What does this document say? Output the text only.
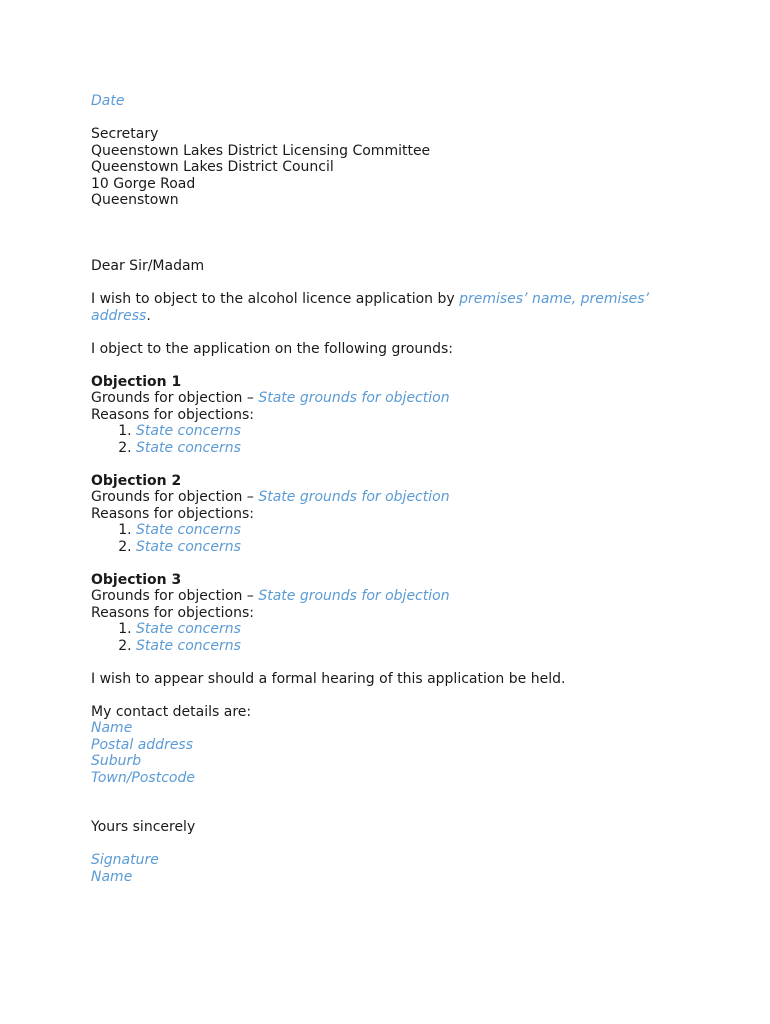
Date

Secretary

Queenstown Lakes District Licensing Committee

Queenstown Lakes District Council

10 Gorge Road

Queenstown

Dear Sir/Madam

I wish to object to the alcohol licence application by premises’ name, premises’ address.

I object to the application on the following grounds:

Objection 1

Grounds for objection – State grounds for objection

Reasons for objections:

1. State concerns
2. State concerns

Objection 2

Grounds for objection – State grounds for objection

Reasons for objections:

1. State concerns
2. State concerns

Objection 3

Grounds for objection – State grounds for objection

Reasons for objections:

1. State concerns
2. State concerns

I wish to appear should a formal hearing of this application be held.

My contact details are:

Name

Postal address

Suburb

Town/Postcode

Yours sincerely

Signature

Name
